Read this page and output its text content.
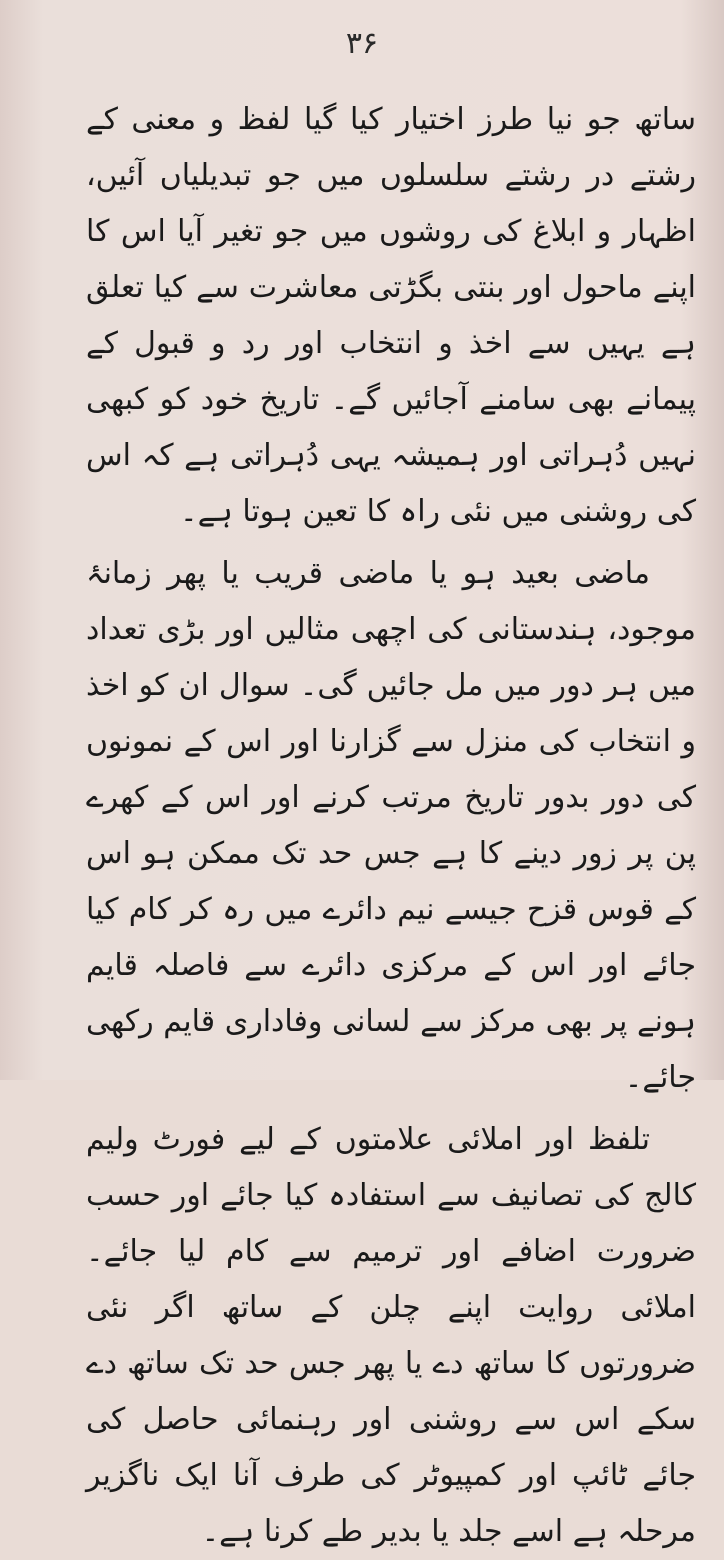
۳۶

ساتھ جو نیا طرز اختیار کیا گیا لفظ و معنی کے رشتے در رشتے سلسلوں میں جو تبدیلیاں آئیں، اظہار و ابلاغ کی روشوں میں جو تغیر آیا اس کا اپنے ماحول اور بنتی بگڑتی معاشرت سے کیا تعلق ہے یہیں سے اخذ و انتخاب اور رد و قبول کے پیمانے بھی سامنے آجائیں گے۔ تاریخ خود کو کبھی نہیں دُہراتی اور ہمیشہ یہی دُہراتی ہے کہ اس کی روشنی میں نئی راہ کا تعین ہوتا ہے۔

ماضی بعید ہو یا ماضی قریب یا پھر زمانۂ موجود، ہندستانی کی اچھی مثالیں اور بڑی تعداد میں ہر دور میں مل جائیں گی۔ سوال ان کو اخذ و انتخاب کی منزل سے گزارنا اور اس کے نمونوں کی دور بدور تاریخ مرتب کرنے اور اس کے کھرے پن پر زور دینے کا ہے جس حد تک ممکن ہو اس کے قوس قزح جیسے نیم دائرے میں رہ کر کام کیا جائے اور اس کے مرکزی دائرے سے فاصلہ قایم ہونے پر بھی مرکز سے لسانی وفاداری قایم رکھی جائے۔

تلفظ اور املائی علامتوں کے لیے فورٹ ولیم کالج کی تصانیف سے استفادہ کیا جائے اور حسب ضرورت اضافے اور ترمیم سے کام لیا جائے۔ املائی روایت اپنے چلن کے ساتھ اگر نئی ضرورتوں کا ساتھ دے یا پھر جس حد تک ساتھ دے سکے اس سے روشنی اور رہنمائی حاصل کی جائے ٹائپ اور کمپیوٹر کی طرف آنا ایک ناگزیر مرحلہ ہے اسے جلد یا بدیر طے کرنا ہے۔
